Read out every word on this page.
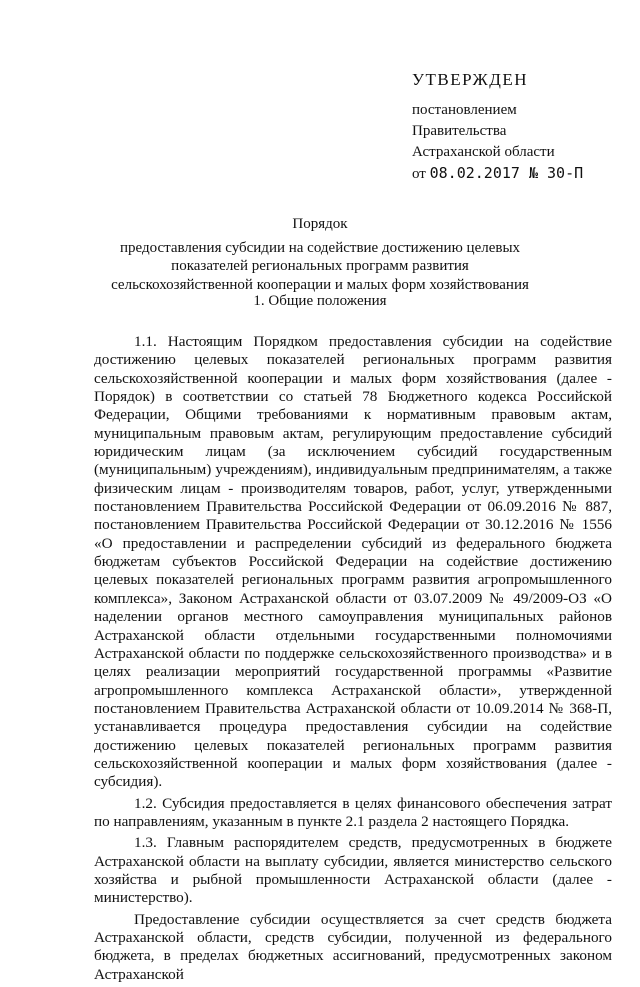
УТВЕРЖДЕН
постановлением
Правительства
Астраханской области
от 08.02.2017 № 30-П
Порядок
предоставления субсидии на содействие достижению целевых показателей региональных программ развития сельскохозяйственной кооперации и малых форм хозяйствования
1. Общие положения

1.1. Настоящим Порядком предоставления субсидии на содействие достижению целевых показателей региональных программ развития сельскохозяйственной кооперации и малых форм хозяйствования (далее - Порядок) в соответствии со статьей 78 Бюджетного кодекса Российской Федерации, Общими требованиями к нормативным правовым актам, муниципальным правовым актам, регулирующим предоставление субсидий юридическим лицам (за исключением субсидий государственным (муниципальным) учреждениям), индивидуальным предпринимателям, а также физическим лицам - производителям товаров, работ, услуг, утвержденными постановлением Правительства Российской Федерации от 06.09.2016 № 887, постановлением Правительства Российской Федерации от 30.12.2016 № 1556 «О предоставлении и распределении субсидий из федерального бюджета бюджетам субъектов Российской Федерации на содействие достижению целевых показателей региональных программ развития агропромышленного комплекса», Законом Астраханской области от 03.07.2009 № 49/2009-ОЗ «О наделении органов местного самоуправления муниципальных районов Астраханской области отдельными государственными полномочиями Астраханской области по поддержке сельскохозяйственного производства» и в целях реализации мероприятий государственной программы «Развитие агропромышленного комплекса Астраханской области», утвержденной постановлением Правительства Астраханской области от 10.09.2014 № 368-П, устанавливается процедура предоставления субсидии на содействие достижению целевых показателей региональных программ развития сельскохозяйственной кооперации и малых форм хозяйствования (далее - субсидия).

1.2. Субсидия предоставляется в целях финансового обеспечения затрат по направлениям, указанным в пункте 2.1 раздела 2 настоящего Порядка.

1.3. Главным распорядителем средств, предусмотренных в бюджете Астраханской области на выплату субсидии, является министерство сельского хозяйства и рыбной промышленности Астраханской области (далее - министерство).

Предоставление субсидии осуществляется за счет средств бюджета Астраханской области, средств субсидии, полученной из федерального бюджета, в пределах бюджетных ассигнований, предусмотренных законом Астраханской
